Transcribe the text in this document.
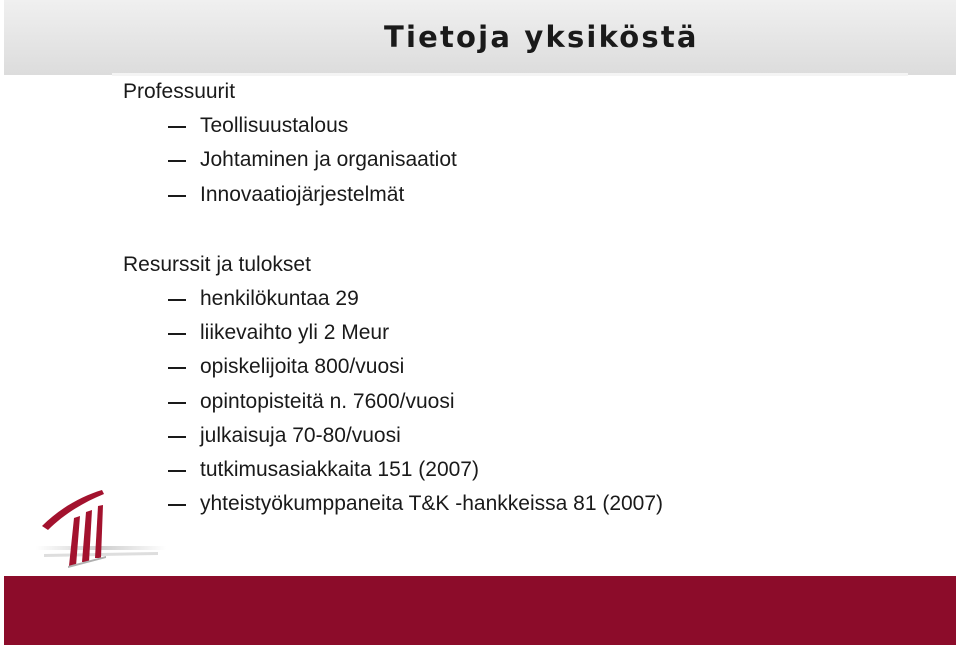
Tietoja yksiköstä
Professuurit
Teollisuustalous
Johtaminen ja organisaatiot
Innovaatiojärjestelmät
Resurssit ja tulokset
henkilökuntaa 29
liikevaihto yli 2 Meur
opiskelijoita 800/vuosi
opintopisteitä n. 7600/vuosi
julkaisuja 70-80/vuosi
tutkimusasiakkaita 151 (2007)
yhteistyökumppaneita T&K -hankkeissa 81 (2007)
